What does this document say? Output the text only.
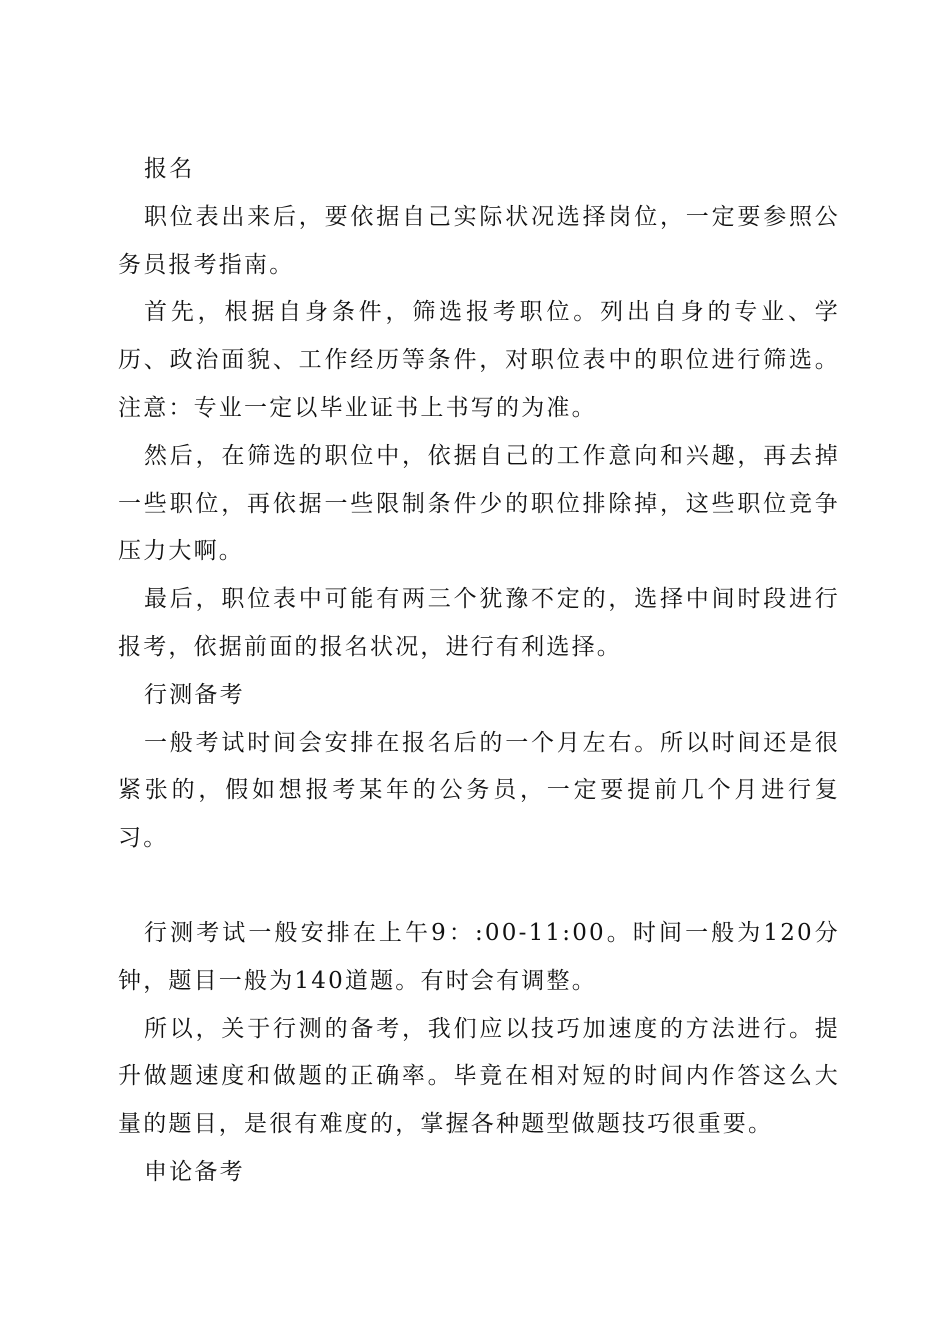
报名

职位表出来后，要依据自己实际状况选择岗位，一定要参照公务员报考指南。

首先，根据自身条件，筛选报考职位。列出自身的专业、学历、政治面貌、工作经历等条件，对职位表中的职位进行筛选。注意：专业一定以毕业证书上书写的为准。

然后，在筛选的职位中，依据自己的工作意向和兴趣，再去掉一些职位，再依据一些限制条件少的职位排除掉，这些职位竞争压力大啊。

最后，职位表中可能有两三个犹豫不定的，选择中间时段进行报考，依据前面的报名状况，进行有利选择。

行测备考

一般考试时间会安排在报名后的一个月左右。所以时间还是很紧张的，假如想报考某年的公务员，一定要提前几个月进行复习。

行测考试一般安排在上午9：:00-11:00。时间一般为120分钟，题目一般为140道题。有时会有调整。

所以，关于行测的备考，我们应以技巧加速度的方法进行。提升做题速度和做题的正确率。毕竟在相对短的时间内作答这么大量的题目，是很有难度的，掌握各种题型做题技巧很重要。

申论备考
